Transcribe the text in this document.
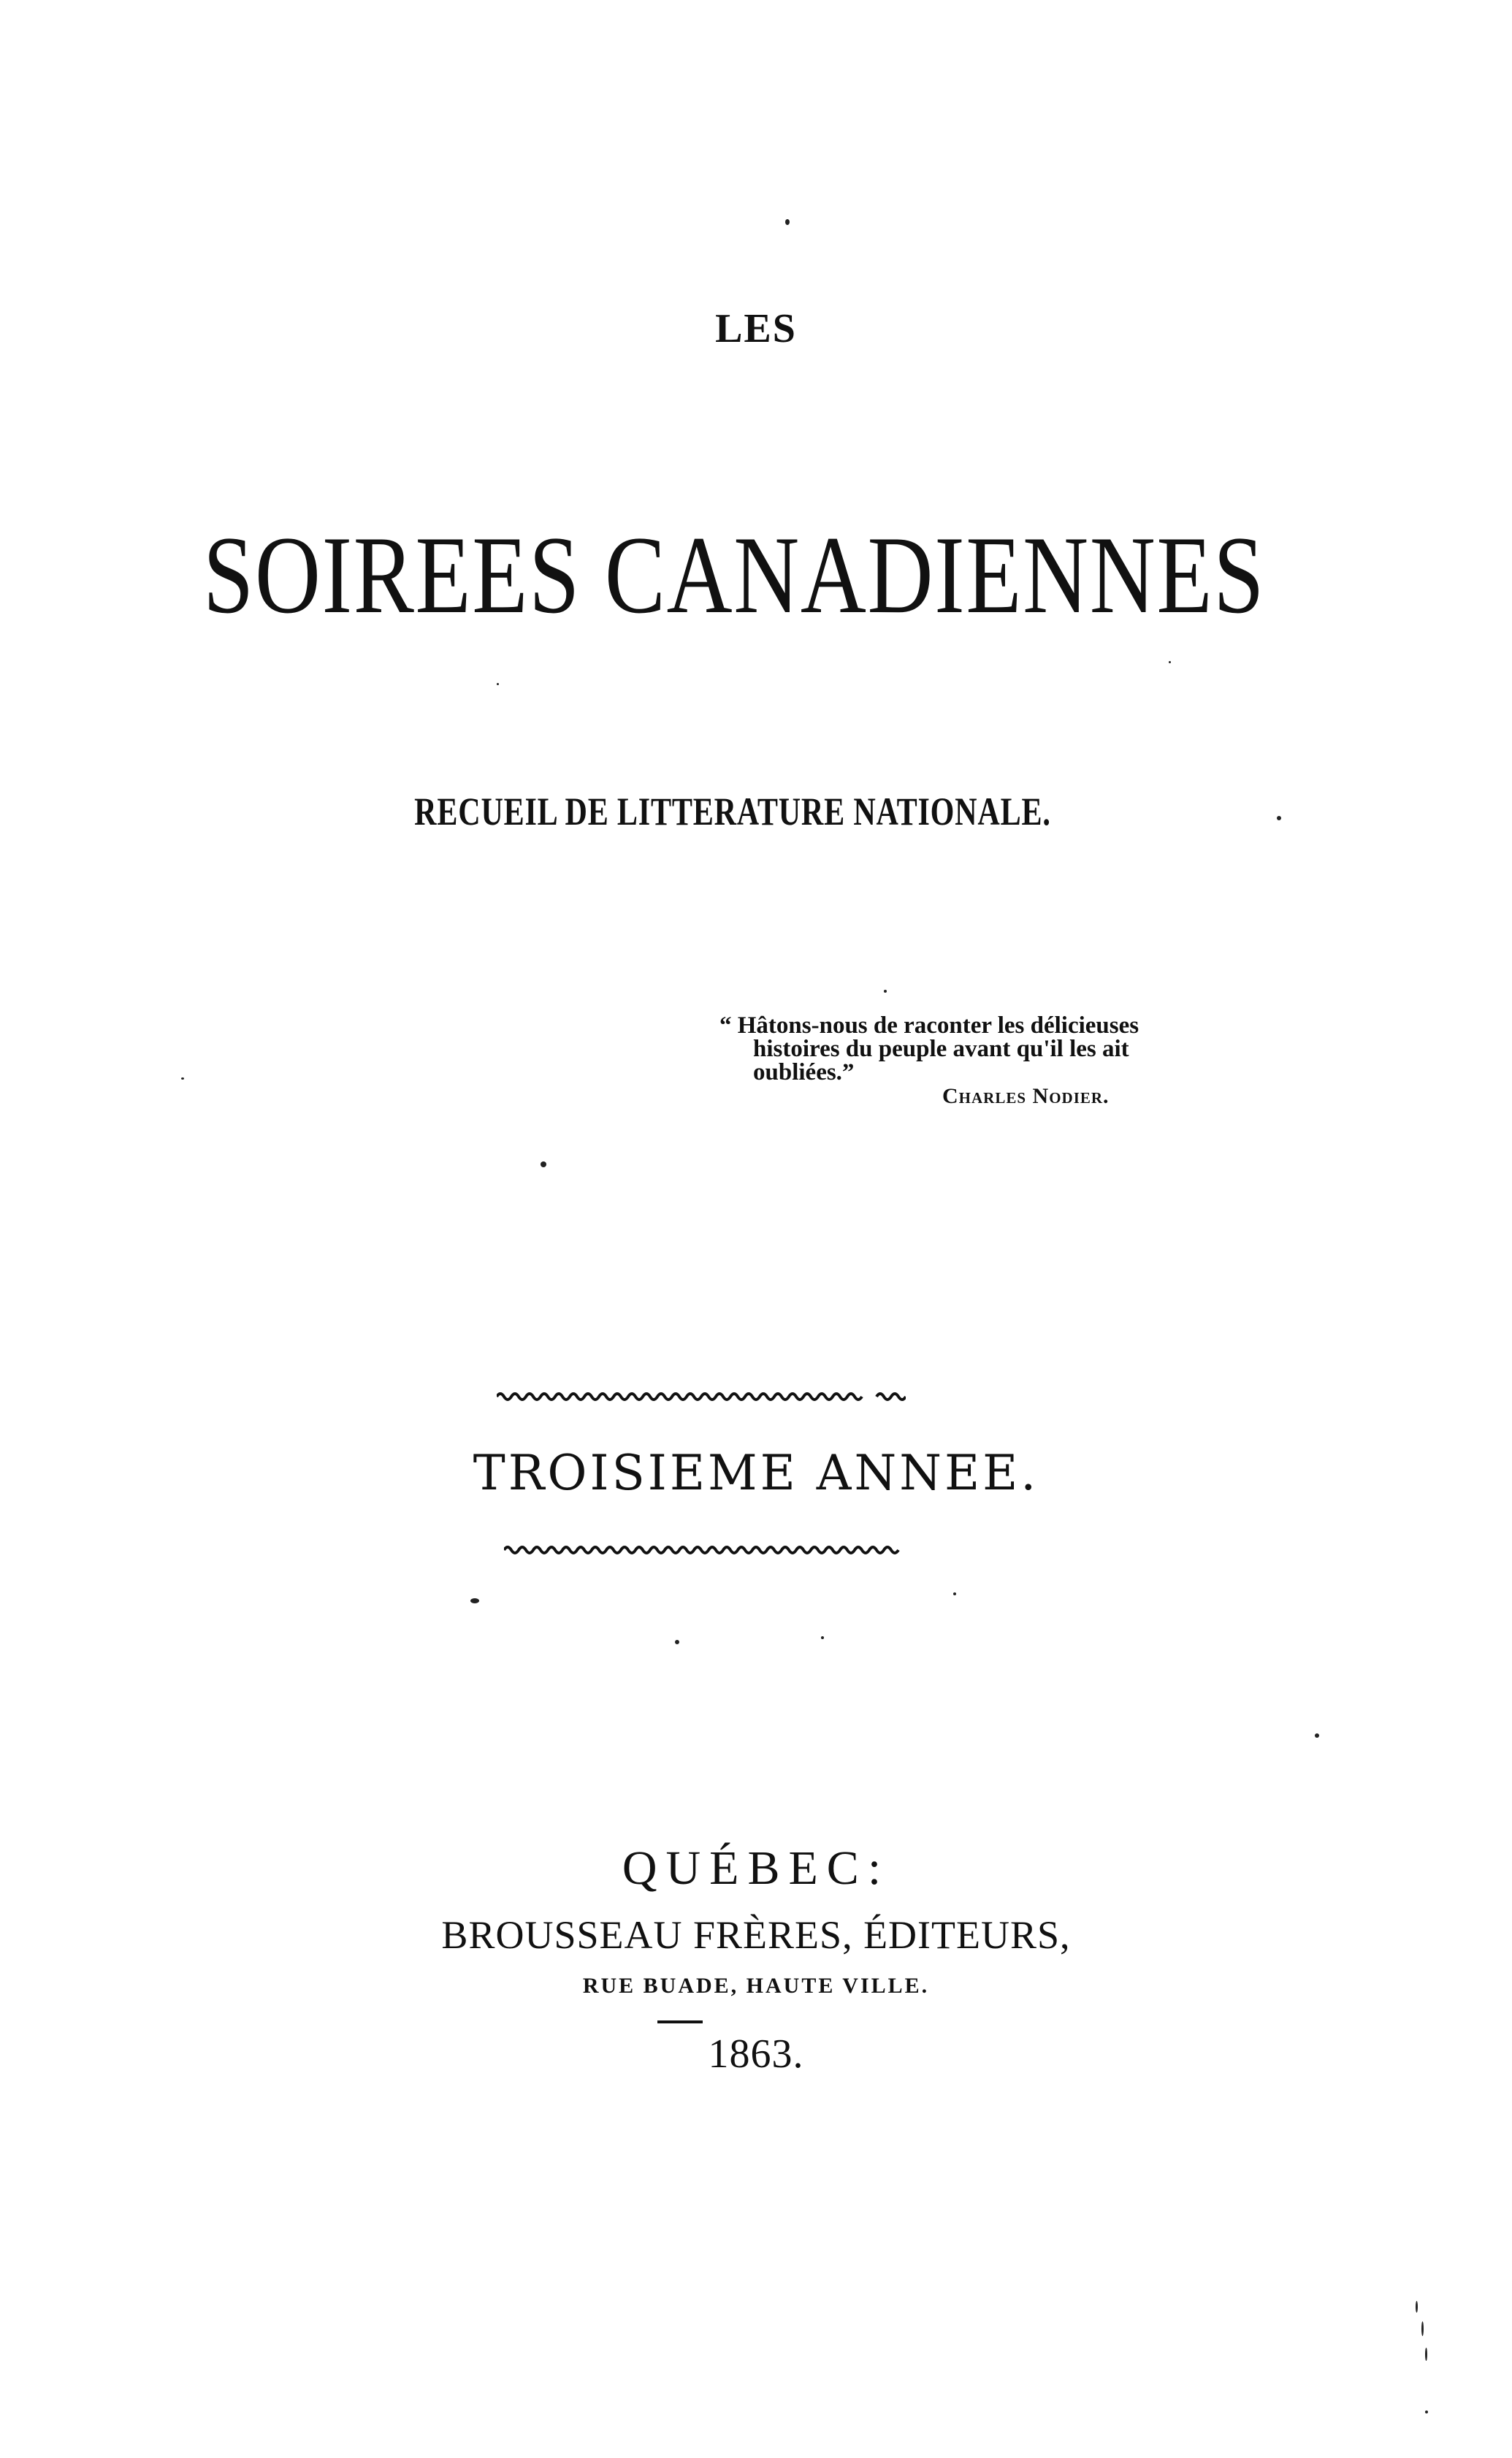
LES
SOIREES CANADIENNES
RECUEIL DE LITTERATURE NATIONALE.
“ Hâtons-nous de raconter les délicieuses
histoires du peuple avant qu'il les ait
oubliées.”
Charles Nodier.
TROISIEME ANNEE.
QUÉBEC:
BROUSSEAU FRÈRES, ÉDITEURS,
RUE BUADE, HAUTE VILLE.
1863.
